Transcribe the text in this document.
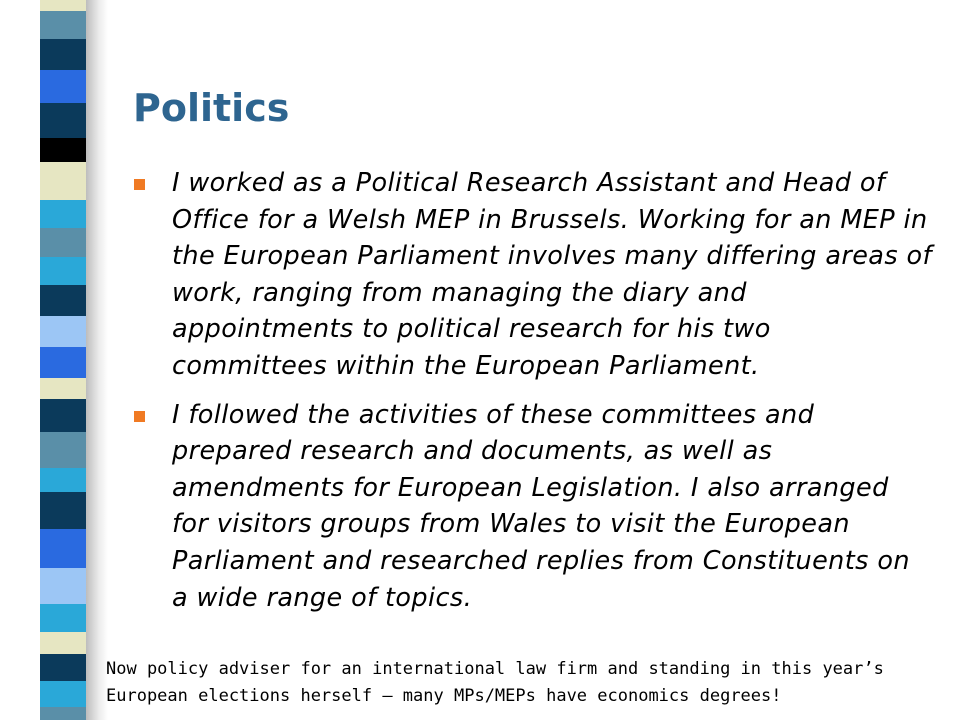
Politics
I worked as a Political Research Assistant and Head of Office for a Welsh MEP in Brussels. Working for an MEP in the European Parliament involves many differing areas of work, ranging from managing the diary and appointments to political research for his two committees within the European Parliament.
I followed the activities of these committees and prepared research and documents, as well as amendments for European Legislation. I also arranged for visitors groups from Wales to visit the European Parliament and researched replies from Constituents on a wide range of topics.

Now policy adviser for an international law firm and standing in this year’s
European elections herself – many MPs/MEPs have economics degrees!
